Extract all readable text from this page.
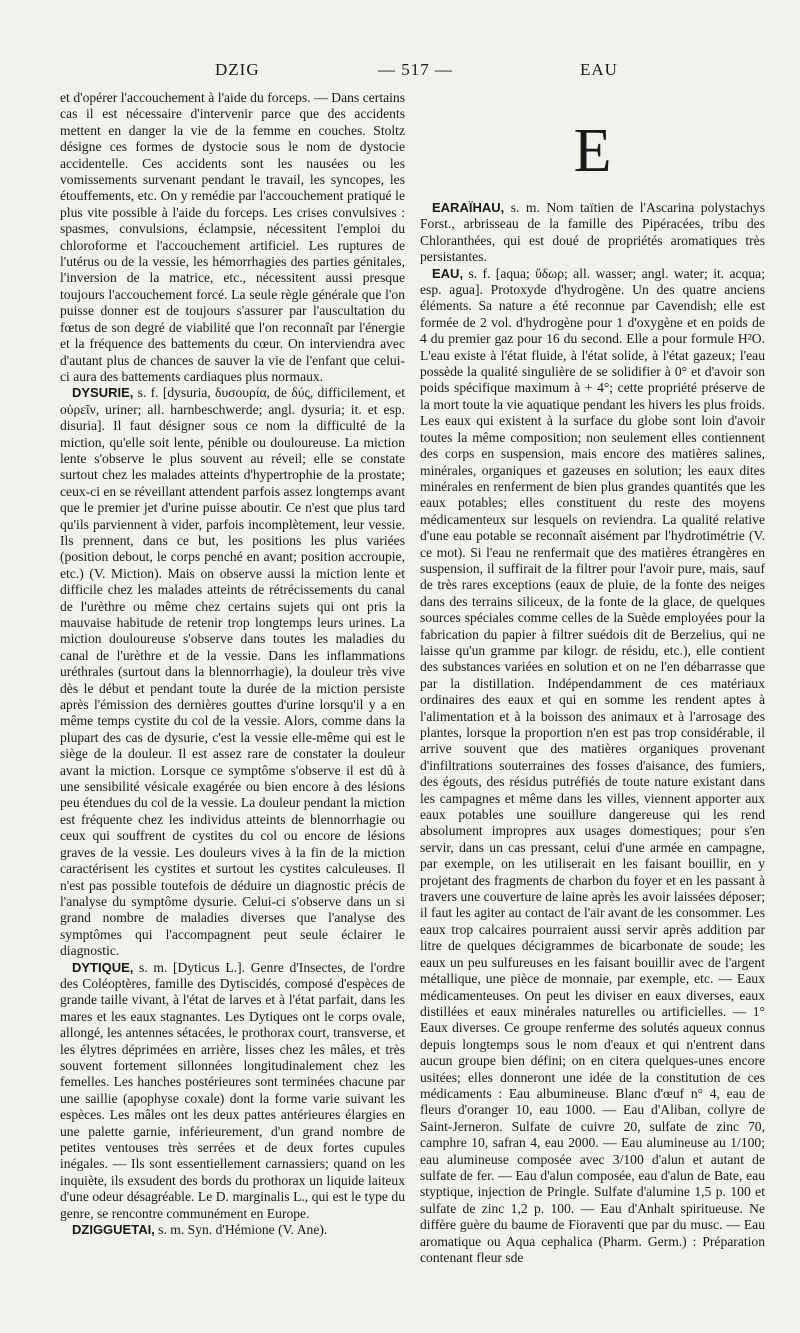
DZIG	— 517 —	EAU

et d'opérer l'accouchement à l'aide du forceps. — Dans certains cas il est nécessaire d'intervenir parce que des accidents mettent en danger la vie de la femme en couches. Stoltz désigne ces formes de dystocie sous le nom de dystocie accidentelle. Ces accidents sont les nausées ou les vomissements survenant pendant le travail, les syncopes, les étouffements, etc. On y remédie par l'accouchement pratiqué le plus vite possible à l'aide du forceps. Les crises convulsives : spasmes, convulsions, éclampsie, nécessitent l'emploi du chloroforme et l'accouchement artificiel. Les ruptures de l'utérus ou de la vessie, les hémorrhagies des parties génitales, l'inversion de la matrice, etc., nécessitent aussi presque toujours l'accouchement forcé. La seule règle générale que l'on puisse donner est de toujours s'assurer par l'auscultation du fœtus de son degré de viabilité que l'on reconnaît par l'énergie et la fréquence des battements du cœur. On interviendra avec d'autant plus de chances de sauver la vie de l'enfant que celui-ci aura des battements cardiaques plus normaux.

DYSURIE, s. f. [dysuria, δυσουρία, de δύς, difficilement, et οὐρεῖν, uriner; all. harnbeschwerde; angl. dysuria; it. et esp. disuria]. Il faut désigner sous ce nom la difficulté de la miction, qu'elle soit lente, pénible ou douloureuse. La miction lente s'observe le plus souvent au réveil; elle se constate surtout chez les malades atteints d'hypertrophie de la prostate; ceux-ci en se réveillant attendent parfois assez longtemps avant que le premier jet d'urine puisse aboutir. Ce n'est que plus tard qu'ils parviennent à vider, parfois incomplètement, leur vessie. Ils prennent, dans ce but, les positions les plus variées (position debout, le corps penché en avant; position accroupie, etc.) (V. Miction). Mais on observe aussi la miction lente et difficile chez les malades atteints de rétrécissements du canal de l'urèthre ou même chez certains sujets qui ont pris la mauvaise habitude de retenir trop longtemps leurs urines. La miction douloureuse s'observe dans toutes les maladies du canal de l'urèthre et de la vessie. Dans les inflammations uréthrales (surtout dans la blennorrhagie), la douleur très vive dès le début et pendant toute la durée de la miction persiste après l'émission des dernières gouttes d'urine lorsqu'il y a en même temps cystite du col de la vessie. Alors, comme dans la plupart des cas de dysurie, c'est la vessie elle-même qui est le siège de la douleur. Il est assez rare de constater la douleur avant la miction. Lorsque ce symptôme s'observe il est dû à une sensibilité vésicale exagérée ou bien encore à des lésions peu étendues du col de la vessie. La douleur pendant la miction est fréquente chez les individus atteints de blennorrhagie ou ceux qui souffrent de cystites du col ou encore de lésions graves de la vessie. Les douleurs vives à la fin de la miction caractérisent les cystites et surtout les cystites calculeuses. Il n'est pas possible toutefois de déduire un diagnostic précis de l'analyse du symptôme dysurie. Celui-ci s'observe dans un si grand nombre de maladies diverses que l'analyse des symptômes qui l'accompagnent peut seule éclairer le diagnostic.

DYTIQUE, s. m. [Dyticus L.]. Genre d'Insectes, de l'ordre des Coléoptères, famille des Dytiscidés, composé d'espèces de grande taille vivant, à l'état de larves et à l'état parfait, dans les mares et les eaux stagnantes. Les Dytiques ont le corps ovale, allongé, les antennes sétacées, le prothorax court, transverse, et les élytres déprimées en arrière, lisses chez les mâles, et très souvent fortement sillonnées longitudinalement chez les femelles. Les hanches postérieures sont terminées chacune par une saillie (apophyse coxale) dont la forme varie suivant les espèces. Les mâles ont les deux pattes antérieures élargies en une palette garnie, inférieurement, d'un grand nombre de petites ventouses très serrées et de deux fortes cupules inégales. — Ils sont essentiellement carnassiers; quand on les inquiète, ils exsudent des bords du prothorax un liquide laiteux d'une odeur désagréable. Le D. marginalis L., qui est le type du genre, se rencontre communément en Europe.

DZIGGUETAI, s. m. Syn. d'Hémione (V. Ane).

E

EARAÏHAU, s. m. Nom taïtien de l'Ascarina polystachys Forst., arbrisseau de la famille des Pipéracées, tribu des Chloranthées, qui est doué de propriétés aromatiques très persistantes.

EAU, s. f. [aqua; ὕδωρ; all. wasser; angl. water; it. acqua; esp. agua]. Protoxyde d'hydrogène. Un des quatre anciens éléments. Sa nature a été reconnue par Cavendish; elle est formée de 2 vol. d'hydrogène pour 1 d'oxygène et en poids de 4 du premier gaz pour 16 du second. Elle a pour formule H²O. L'eau existe à l'état fluide, à l'état solide, à l'état gazeux; l'eau possède la qualité singulière de se solidifier à 0° et d'avoir son poids spécifique maximum à + 4°; cette propriété préserve de la mort toute la vie aquatique pendant les hivers les plus froids. Les eaux qui existent à la surface du globe sont loin d'avoir toutes la même composition; non seulement elles contiennent des corps en suspension, mais encore des matières salines, minérales, organiques et gazeuses en solution; les eaux dites minérales en renferment de bien plus grandes quantités que les eaux potables; elles constituent du reste des moyens médicamenteux sur lesquels on reviendra. La qualité relative d'une eau potable se reconnaît aisément par l'hydrotimétrie (V. ce mot). Si l'eau ne renfermait que des matières étrangères en suspension, il suffirait de la filtrer pour l'avoir pure, mais, sauf de très rares exceptions (eaux de pluie, de la fonte des neiges dans des terrains siliceux, de la fonte de la glace, de quelques sources spéciales comme celles de la Suède employées pour la fabrication du papier à filtrer suédois dit de Berzelius, qui ne laisse qu'un gramme par kilogr. de résidu, etc.), elle contient des substances variées en solution et on ne l'en débarrasse que par la distillation. Indépendamment de ces matériaux ordinaires des eaux et qui en somme les rendent aptes à l'alimentation et à la boisson des animaux et à l'arrosage des plantes, lorsque la proportion n'en est pas trop considérable, il arrive souvent que des matières organiques provenant d'infiltrations souterraines des fosses d'aisance, des fumiers, des égouts, des résidus putréfiés de toute nature existant dans les campagnes et même dans les villes, viennent apporter aux eaux potables une souillure dangereuse qui les rend absolument impropres aux usages domestiques; pour s'en servir, dans un cas pressant, celui d'une armée en campagne, par exemple, on les utiliserait en les faisant bouillir, en y projetant des fragments de charbon du foyer et en les passant à travers une couverture de laine après les avoir laissées déposer; il faut les agiter au contact de l'air avant de les consommer. Les eaux trop calcaires pourraient aussi servir après addition par litre de quelques décigrammes de bicarbonate de soude; les eaux un peu sulfureuses en les faisant bouillir avec de l'argent métallique, une pièce de monnaie, par exemple, etc. — Eaux médicamenteuses. On peut les diviser en eaux diverses, eaux distillées et eaux minérales naturelles ou artificielles. — 1° Eaux diverses. Ce groupe renferme des solutés aqueux connus depuis longtemps sous le nom d'eaux et qui n'entrent dans aucun groupe bien défini; on en citera quelques-unes encore usitées; elles donneront une idée de la constitution de ces médicaments : Eau albumineuse. Blanc d'œuf n° 4, eau de fleurs d'oranger 10, eau 1000. — Eau d'Aliban, collyre de Saint-Jerneron. Sulfate de cuivre 20, sulfate de zinc 70, camphre 10, safran 4, eau 2000. — Eau alumineuse au 1/100; eau alumineuse composée avec 3/100 d'alun et autant de sulfate de fer. — Eau d'alun composée, eau d'alun de Bate, eau styptique, injection de Pringle. Sulfate d'alumine 1,5 p. 100 et sulfate de zinc 1,2 p. 100. — Eau d'Anhalt spiritueuse. Ne diffère guère du baume de Fioraventi que par du musc. — Eau aromatique ou Aqua cephalica (Pharm. Germ.) : Préparation contenant fleur sde
